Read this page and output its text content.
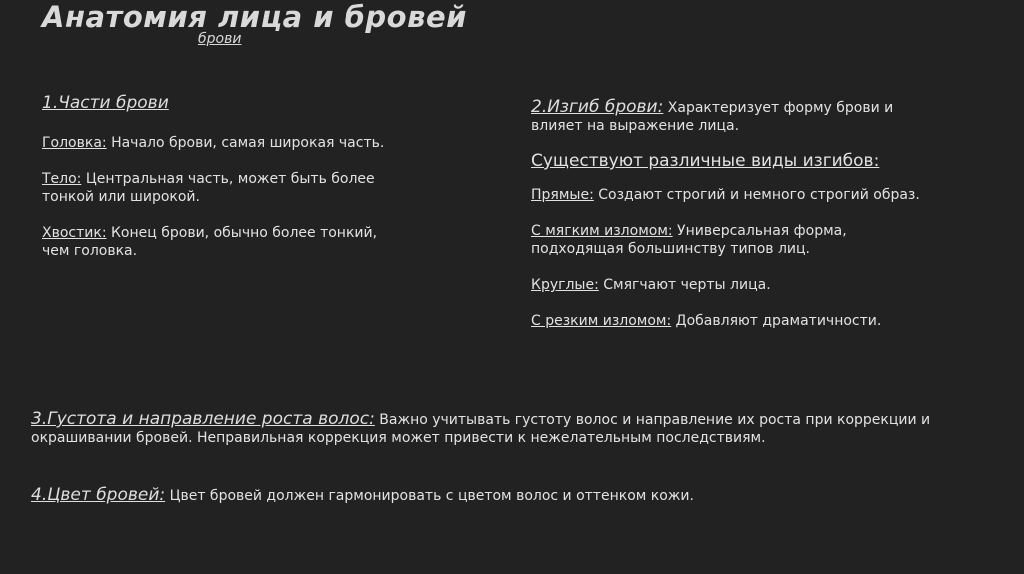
Анатомия лица и бровей
брови
1.Части брови

Головка: Начало брови, самая широкая часть.

Тело: Центральная часть, может быть более тонкой или широкой.

Хвостик: Конец брови, обычно более тонкий, чем головка.

2.Изгиб брови: Характеризует форму брови и влияет на выражение лица.

Существуют различные виды изгибов:

Прямые: Создают строгий и немного строгий образ.

С мягким изломом: Универсальная форма, подходящая большинству типов лиц.

Круглые: Смягчают черты лица.

С резким изломом: Добавляют драматичности.

3.Густота и направление роста волос: Важно учитывать густоту волос и направление их роста при коррекции и окрашивании бровей. Неправильная коррекция может привести к нежелательным последствиям.

4.Цвет бровей: Цвет бровей должен гармонировать с цветом волос и оттенком кожи.
